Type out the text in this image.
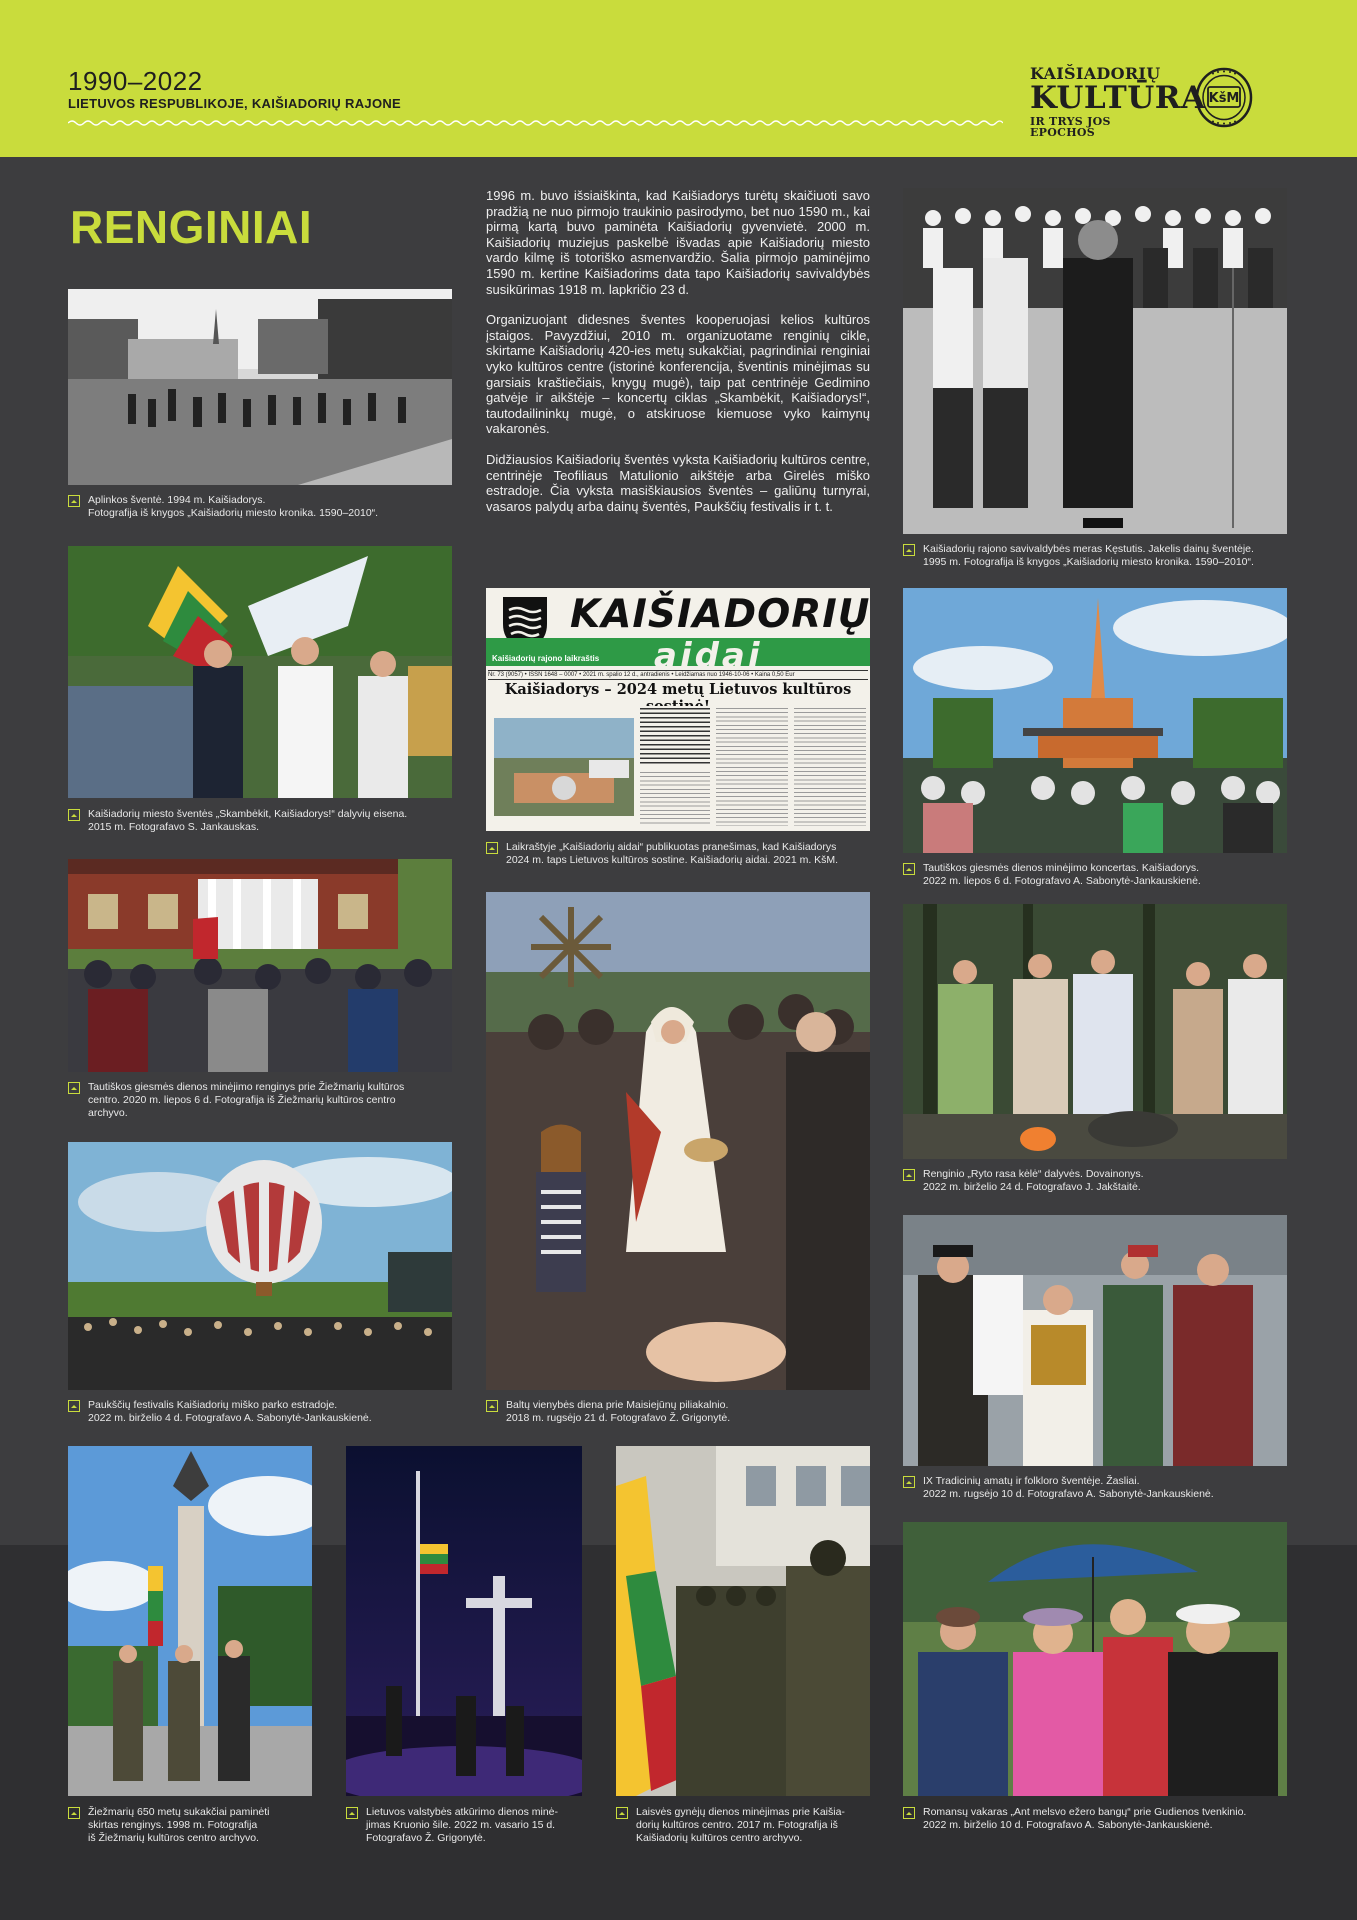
1990–2022
LIETUVOS RESPUBLIKOJE, KAIŠIADORIŲ RAJONE
KAIŠIADORIŲ
KULTŪRA
IR TRYS JOS EPOCHOS
KšM
RENGINIAI

1996 m. buvo išsiaiškinta, kad Kaišiadorys turėtų skaičiuoti savo pradžią ne nuo pirmojo traukinio pasirodymo, bet nuo 1590 m., kai pirmą kartą buvo paminėta Kaišiadorių gyvenvietė. 2000 m. Kaišiadorių muziejus paskelbė išvadas apie Kaišiadorių miesto vardo kilmę iš totoriško asmenvardžio. Šalia pirmojo paminėjimo 1590 m. kertine Kaišiadorims data tapo Kaišiadorių savivaldybės susikūrimas 1918 m. lapkričio 23 d.

Organizuojant didesnes šventes kooperuojasi kelios kultūros įstaigos. Pavyzdžiui, 2010 m. organizuotame renginių cikle, skirtame Kaišiadorių 420-ies metų sukakčiai, pagrindiniai renginiai vyko kultūros centre (istorinė konferencija, šventinis minėjimas su garsiais kraštiečiais, knygų mugė), taip pat centrinėje Gedimino gatvėje ir aikštėje – koncertų ciklas „Skambėkit, Kaišiadorys!“, tautodailininkų mugė, o atskiruose kiemuose vyko kaimynų vakaronės.

Didžiausios Kaišiadorių šventės vyksta Kaišiadorių kultūros centre, centrinėje Teofiliaus Matulionio aikštėje arba Girelės miško estradoje. Čia vyksta masiškiausios šventės – galiūnų turnyrai, vasaros palydų arba dainų šventės, Paukščių festivalis ir t. t.

Aplinkos šventė. 1994 m. Kaišiadorys.
Fotografija iš knygos „Kaišiadorių miesto kronika. 1590–2010“.
Kaišiadorių miesto šventės „Skambėkit, Kaišiadorys!“ dalyvių eisena.
2015 m. Fotografavo S. Jankauskas.
Tautiškos giesmės dienos minėjimo renginys prie Žiežmarių kultūros
centro. 2020 m. liepos 6 d. Fotografija iš Žiežmarių kultūros centro
archyvo.
Paukščių festivalis Kaišiadorių miško parko estradoje.
2022 m. birželio 4 d. Fotografavo A. Sabonytė-Jankauskienė.
Žiežmarių 650 metų sukakčiai paminėti
skirtas renginys. 1998 m. Fotografija
iš Žiežmarių kultūros centro archyvo.
Lietuvos valstybės atkūrimo dienos minė-
jimas Kruonio šile. 2022 m. vasario 15 d.
Fotografavo Ž. Grigonytė.
Laisvės gynėjų dienos minėjimas prie Kaišia-
dorių kultūros centro. 2017 m. Fotografija iš
Kaišiadorių kultūros centro archyvo.
KAIŠIADORIŲ
aidai
Kaišiadorių rajono laikraštis
Nr. 73 (9057) • ISSN 1648 – 0007 • 2021 m. spalio 12 d., antradienis • Leidžiamas nuo 1946-10-06 • Kaina 0,50 Eur
Kaišiadorys – 2024 metų Lietuvos kultūros
Laikraštyje „Kaišiadorių aidai“ publikuotas pranešimas, kad Kaišiadorys
2024 m. taps Lietuvos kultūros sostine. Kaišiadorių aidai. 2021 m. KšM.
Baltų vienybės diena prie Maisiejūnų piliakalnio.
2018 m. rugsėjo 21 d. Fotografavo Ž. Grigonytė.
Kaišiadorių rajono savivaldybės meras Kęstutis. Jakelis dainų šventėje.
1995 m. Fotografija iš knygos „Kaišiadorių miesto kronika. 1590–2010“.
Tautiškos giesmės dienos minėjimo koncertas. Kaišiadorys.
2022 m. liepos 6 d. Fotografavo A. Sabonytė-Jankauskienė.
Renginio „Ryto rasa kėlė“ dalyvės. Dovainonys.
2022 m. birželio 24 d. Fotografavo J. Jakštaitė.
IX Tradicinių amatų ir folkloro šventėje. Žasliai.
2022 m. rugsėjo 10 d. Fotografavo A. Sabonytė-Jankauskienė.
Romansų vakaras „Ant melsvo ežero bangų“ prie Gudienos tvenkinio.
2022 m. birželio 10 d. Fotografavo A. Sabonytė-Jankauskienė.
